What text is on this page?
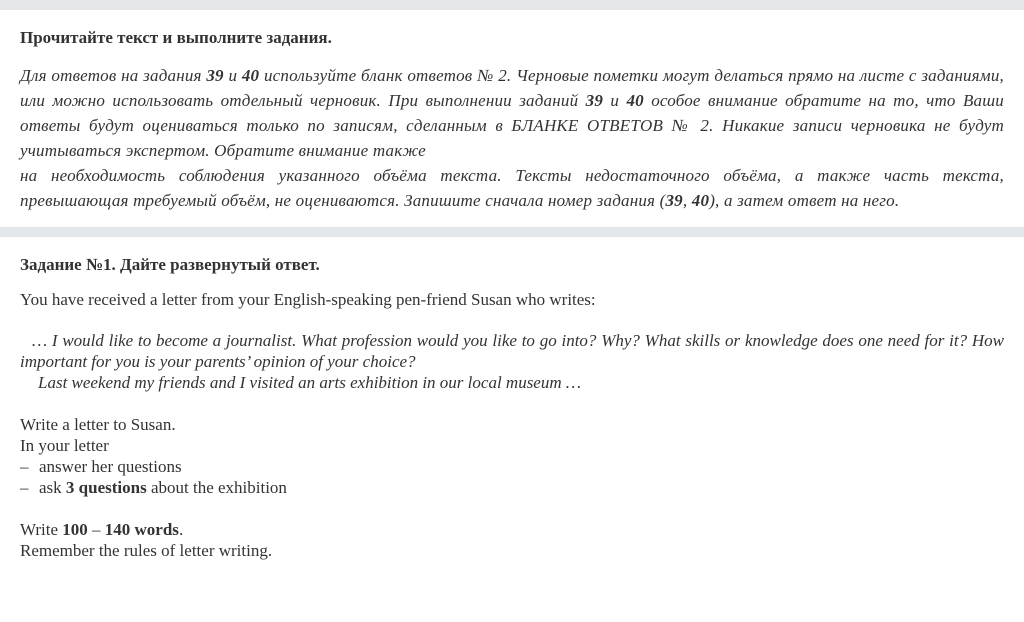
Прочитайте текст и выполните задания.

Для ответов на задания 39 и 40 используйте бланк ответов № 2. Черновые пометки могут делаться прямо на листе с заданиями, или можно использовать отдельный черновик. При выполнении заданий 39 и 40 особое внимание обратите на то, что Ваши ответы будут оцениваться только по записям, сделанным в БЛАНКЕ ОТВЕТОВ № 2. Никакие записи черновика не будут учитываться экспертом. Обратите внимание также
на необходимость соблюдения указанного объёма текста. Тексты недостаточного объёма, а также часть текста, превышающая требуемый объём, не оцениваются. Запишите сначала номер задания (39, 40), а затем ответ на него.

Задание №1. Дайте развернутый ответ.

You have received a letter from your English-speaking pen-friend Susan who writes:

… I would like to become a journalist. What profession would you like to go into? Why? What skills or knowledge does one need for it? How important for you is your parents’ opinion of your choice?
Last weekend my friends and I visited an arts exhibition in our local museum …

Write a letter to Susan.

In your letter

– answer her questions

– ask 3 questions about the exhibition

Write 100 – 140 words.

Remember the rules of letter writing.
